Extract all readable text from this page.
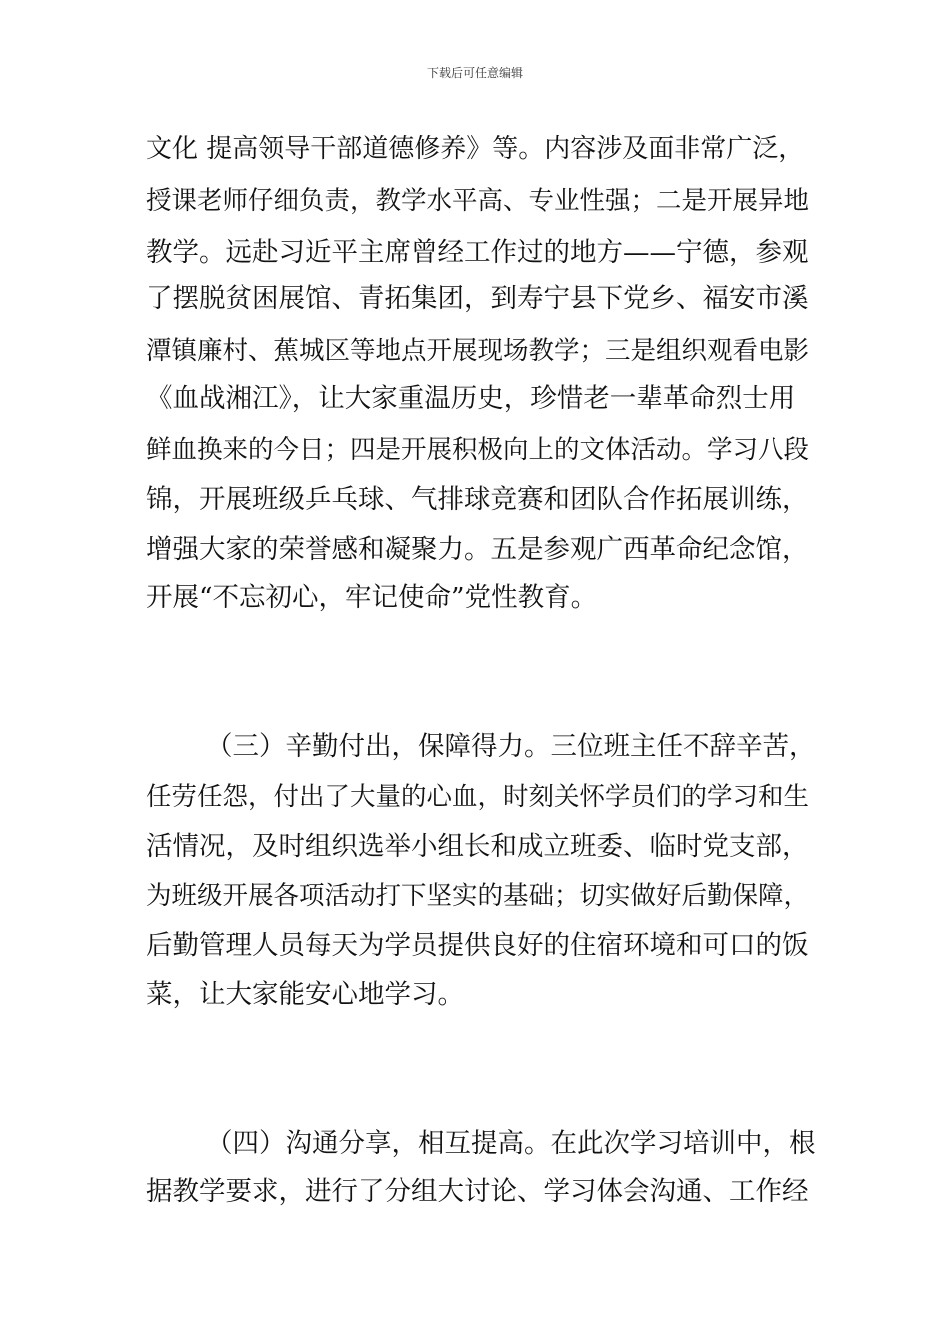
下载后可任意编辑
文化 提高领导干部道德修养》等。内容涉及面非常广泛，
授课老师仔细负责，教学水平高、专业性强；二是开展异地
教学。远赴习近平主席曾经工作过的地方——宁德，参观
了摆脱贫困展馆、青拓集团，到寿宁县下党乡、福安市溪
潭镇廉村、蕉城区等地点开展现场教学；三是组织观看电影
《血战湘江》，让大家重温历史，珍惜老一辈革命烈士用
鲜血换来的今日；四是开展积极向上的文体活动。学习八段
锦，开展班级乒乓球、气排球竞赛和团队合作拓展训练，
增强大家的荣誉感和凝聚力。五是参观广西革命纪念馆，
开展“不忘初心，牢记使命”党性教育。
（三）辛勤付出，保障得力。三位班主任不辞辛苦，
任劳任怨，付出了大量的心血，时刻关怀学员们的学习和生
活情况，及时组织选举小组长和成立班委、临时党支部，
为班级开展各项活动打下坚实的基础；切实做好后勤保障，
后勤管理人员每天为学员提供良好的住宿环境和可口的饭
菜，让大家能安心地学习。
（四）沟通分享，相互提高。在此次学习培训中，根
据教学要求，进行了分组大讨论、学习体会沟通、工作经
